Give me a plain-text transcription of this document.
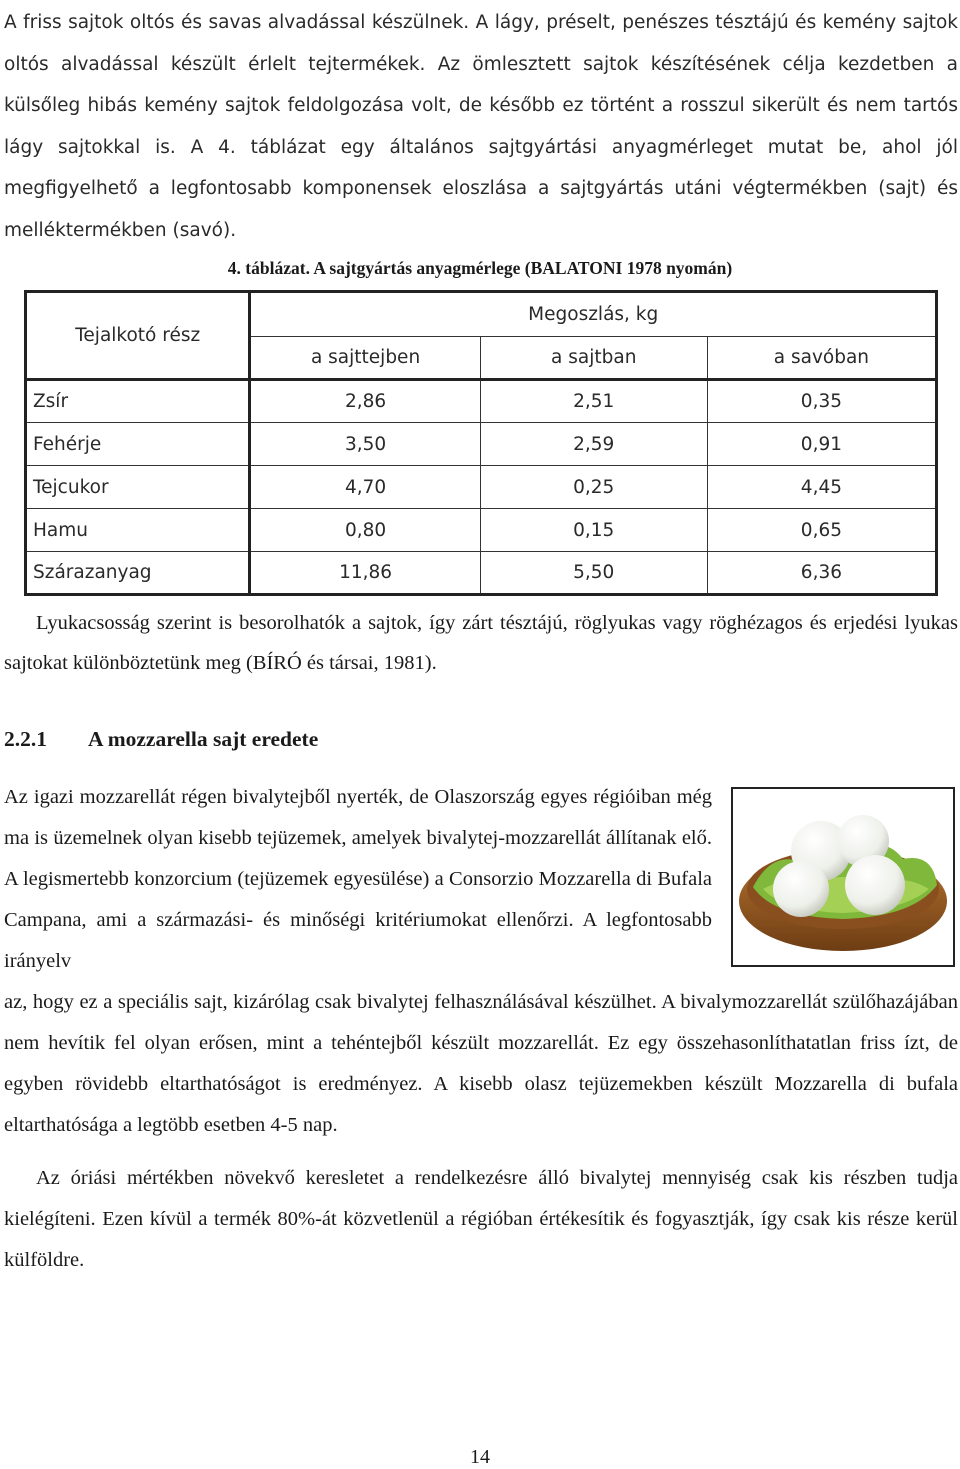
A friss sajtok oltós és savas alvadással készülnek. A lágy, préselt, penészes tésztájú és kemény sajtok oltós alvadással készült érlelt tejtermékek. Az ömlesztett sajtok készítésének célja kezdetben a külsőleg hibás kemény sajtok feldolgozása volt, de később ez történt a rosszul sikerült és nem tartós lágy sajtokkal is. A 4. táblázat egy általános sajtgyártási anyagmérleget mutat be, ahol jól megfigyelhető a legfontosabb komponensek eloszlása a sajtgyártás utáni végtermékben (sajt) és melléktermékben (savó).

4. táblázat. A sajtgyártás anyagmérlege (BALATONI 1978 nyomán)
Tejalkotó rész	Megoszlás, kg		
	a sajttejben	a sajtban	a savóban
Zsír	2,86	2,51	0,35
Fehérje	3,50	2,59	0,91
Tejcukor	4,70	0,25	4,45
Hamu	0,80	0,15	0,65
Szárazanyag	11,86	5,50	6,36

Lyukacsosság szerint is besorolhatók a sajtok, így zárt tésztájú, röglyukas vagy röghézagos és erjedési lyukas sajtokat különböztetünk meg (BÍRÓ és társai, 1981).

2.2.1 A mozzarella sajt eredete

Az igazi mozzarellát régen bivalytejből nyerték, de Olaszország egyes régióiban még ma is üzemelnek olyan kisebb tejüzemek, amelyek bivalytej-mozzarellát állítanak elő. A legismertebb konzorcium (tejüzemek egyesülése) a Consorzio Mozzarella di Bufala Campana, ami a származási- és minőségi kritériumokat ellenőrzi. A legfontosabb irányelv

az, hogy ez a speciális sajt, kizárólag csak bivalytej felhasználásával készülhet. A bivalymozzarellát szülőhazájában nem hevítik fel olyan erősen, mint a tehéntejből készült mozzarellát. Ez egy összehasonlíthatatlan friss ízt, de egyben rövidebb eltarthatóságot is eredményez. A kisebb olasz tejüzemekben készült Mozzarella di bufala eltarthatósága a legtöbb esetben 4-5 nap.

Az óriási mértékben növekvő keresletet a rendelkezésre álló bivalytej mennyiség csak kis részben tudja kielégíteni. Ezen kívül a termék 80%-át közvetlenül a régióban értékesítik és fogyasztják, így csak kis része kerül külföldre.

14
